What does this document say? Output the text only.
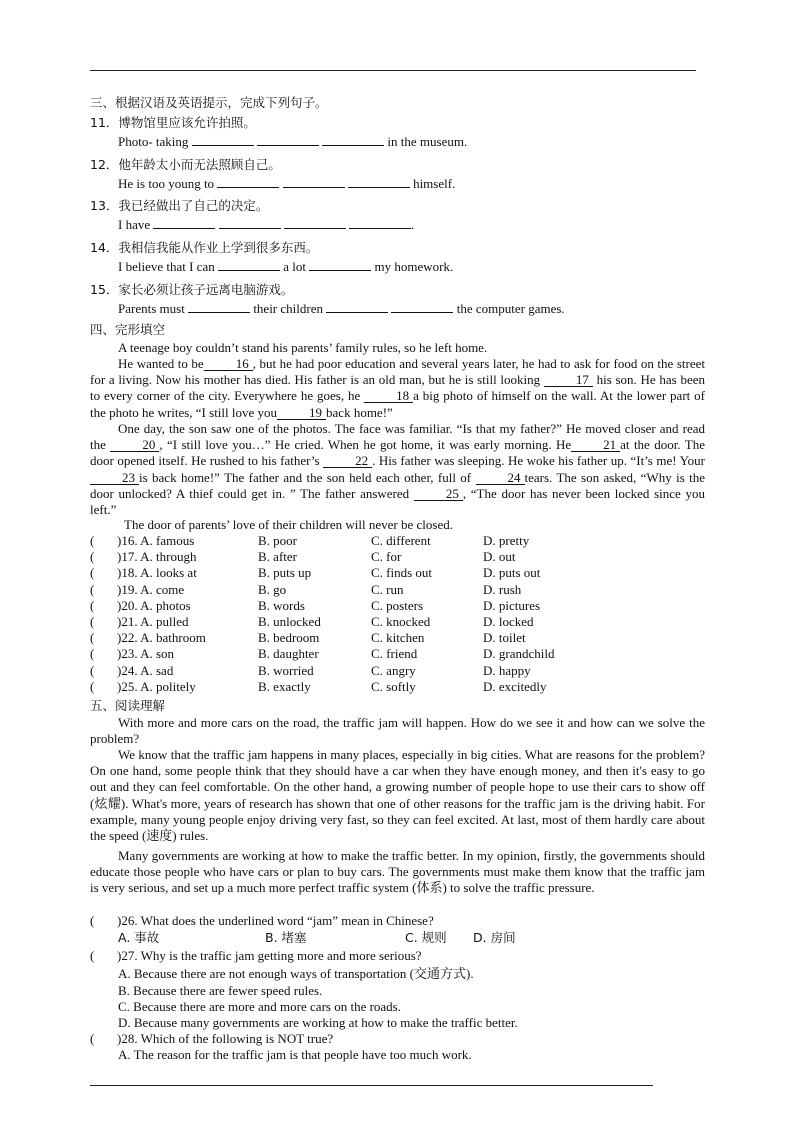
三、根据汉语及英语提示，完成下列句子。
11．博物馆里应该允许拍照。
Photo- taking	in the museum.
12．他年龄太小而无法照顾自己。
He is too young to	himself.
13．我已经做出了自己的决定。
I have	.
14．我相信我能从作业上学到很多东西。
I believe that I can	a lot	my homework.
15．家长必须让孩子远离电脑游戏。
Parents must	their children	the computer games.
四、完形填空
A teenage boy couldn’t stand his parents’ family rules, so he left home.
He wanted to be 16 , but he had poor education and several years later, he had to ask for food on the street for a living. Now his mother has died. His father is an old man, but he is still looking 17 his son. He has been to every corner of the city. Everywhere he goes, he 18 a big photo of himself on the wall. At the lower part of the photo he writes, “I still love you 19 back home!”
One day, the son saw one of the photos. The face was familiar. “Is that my father?” He moved closer and read the 20 , “I still love you…” He cried. When he got home, it was early morning. He 21 at the door. The door opened itself. He rushed to his father’s 22 . His father was sleeping. He woke his father up. “It’s me! Your23 is back home!” The father and the son held each other, full of 24 tears. The son asked, “Why is the door unlocked? A thief could get in. ” The father answered 25 , “The door has never been locked since you left.”
The door of parents’ love of their children will never be closed.
( )16. A. famous	B. poor	C. different	D. pretty
( )17. A. through	B. after	C. for	D. out
( )18. A. looks at	B. puts up	C. finds out	D. puts out
( )19. A. come	B. go	C. run	D. rush
( )20. A. photos	B. words	C. posters	D. pictures
( )21. A. pulled	B. unlocked	C. knocked	D. locked
( )22. A. bathroom	B. bedroom	C. kitchen	D. toilet
( )23. A. son	B. daughter	C. friend	D. grandchild
( )24. A. sad	B. worried	C. angry	D. happy
( )25. A. politely	B. exactly	C. softly	D. excitedly
五、阅读理解
With more and more cars on the road, the traffic jam will happen. How do we see it and how can we solve the problem?
We know that the traffic jam happens in many places, especially in big cities. What are reasons for the problem? On one hand, some people think that they should have a car when they have enough money, and then it's easy to go out and they can feel comfortable. On the other hand, a growing number of people hope to use their cars to show off (炫耀). What's more, years of research has shown that one of other reasons for the traffic jam is the driving habit. For example, many young people enjoy driving very fast, so they can feel excited. At last, most of them hardly care about the speed (速度) rules.
Many governments are working at how to make the traffic better. In my opinion, firstly, the governments should educate those people who have cars or plan to buy cars. The governments must make them know that the traffic jam is very serious, and set up a much more perfect traffic system (体系) to solve the traffic pressure.
( )26. What does the underlined word “jam” mean in Chinese?
A. 事故	B. 堵塞	C. 规则 D. 房间
( )27. Why is the traffic jam getting more and more serious?
A. Because there are not enough ways of transportation (交通方式).
B. Because there are fewer speed rules.
C. Because there are more and more cars on the roads.
D. Because many governments are working at how to make the traffic better.
( )28. Which of the following is NOT true?
A. The reason for the traffic jam is that people have too much work.
